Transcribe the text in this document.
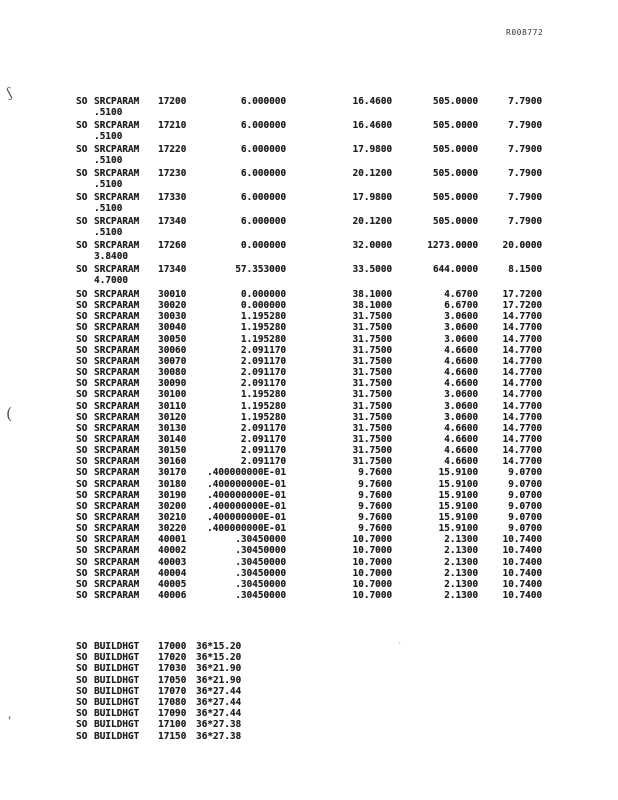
R008772
ʃ
(
ʿ
·
SO SRCPARAM 17200	6.000000	16.4600	505.0000	7.7900
.5100
SO SRCPARAM 17210	6.000000	16.4600	505.0000	7.7900
.5100
SO SRCPARAM 17220	6.000000	17.9800	505.0000	7.7900
.5100
SO SRCPARAM 17230	6.000000	20.1200	505.0000	7.7900
.5100
SO SRCPARAM 17330	6.000000	17.9800	505.0000	7.7900
.5100
SO SRCPARAM 17340	6.000000	20.1200	505.0000	7.7900
.5100
SO SRCPARAM 17260	0.000000	32.0000	1273.0000	20.0000
3.8400
SO SRCPARAM 17340	57.353000	33.5000	644.0000	8.1500
4.7000
SO SRCPARAM 30010	0.000000	38.1000	4.6700	17.7200
SO SRCPARAM 30020	0.000000	38.1000	6.6700	17.7200
SO SRCPARAM 30030	1.195280	31.7500	3.0600	14.7700
SO SRCPARAM 30040	1.195280	31.7500	3.0600	14.7700
SO SRCPARAM 30050	1.195280	31.7500	3.0600	14.7700
SO SRCPARAM 30060	2.091170	31.7500	4.6600	14.7700
SO SRCPARAM 30070	2.091170	31.7500	4.6600	14.7700
SO SRCPARAM 30080	2.091170	31.7500	4.6600	14.7700
SO SRCPARAM 30090	2.091170	31.7500	4.6600	14.7700
SO SRCPARAM 30100	1.195280	31.7500	3.0600	14.7700
SO SRCPARAM 30110	1.195280	31.7500	3.0600	14.7700
SO SRCPARAM 30120	1.195280	31.7500	3.0600	14.7700
SO SRCPARAM 30130	2.091170	31.7500	4.6600	14.7700
SO SRCPARAM 30140	2.091170	31.7500	4.6600	14.7700
SO SRCPARAM 30150	2.091170	31.7500	4.6600	14.7700
SO SRCPARAM 30160	2.091170	31.7500	4.6600	14.7700
SO SRCPARAM 30170	.400000000E-01	9.7600	15.9100	9.0700
SO SRCPARAM 30180	.400000000E-01	9.7600	15.9100	9.0700
SO SRCPARAM 30190	.400000000E-01	9.7600	15.9100	9.0700
SO SRCPARAM 30200	.400000000E-01	9.7600	15.9100	9.0700
SO SRCPARAM 30210	.400000000E-01	9.7600	15.9100	9.0700
SO SRCPARAM 30220	.400000000E-01	9.7600	15.9100	9.0700
SO SRCPARAM 40001	.30450000	10.7000	2.1300	10.7400
SO SRCPARAM 40002	.30450000	10.7000	2.1300	10.7400
SO SRCPARAM 40003	.30450000	10.7000	2.1300	10.7400
SO SRCPARAM 40004	.30450000	10.7000	2.1300	10.7400
SO SRCPARAM 40005	.30450000	10.7000	2.1300	10.7400
SO SRCPARAM 40006	.30450000	10.7000	2.1300	10.7400
SO BUILDHGT 17000 36*15.20
SO BUILDHGT 17020 36*15.20
SO BUILDHGT 17030 36*21.90
SO BUILDHGT 17050 36*21.90
SO BUILDHGT 17070 36*27.44
SO BUILDHGT 17080 36*27.44
SO BUILDHGT 17090 36*27.44
SO BUILDHGT 17100 36*27.38
SO BUILDHGT 17150 36*27.38
